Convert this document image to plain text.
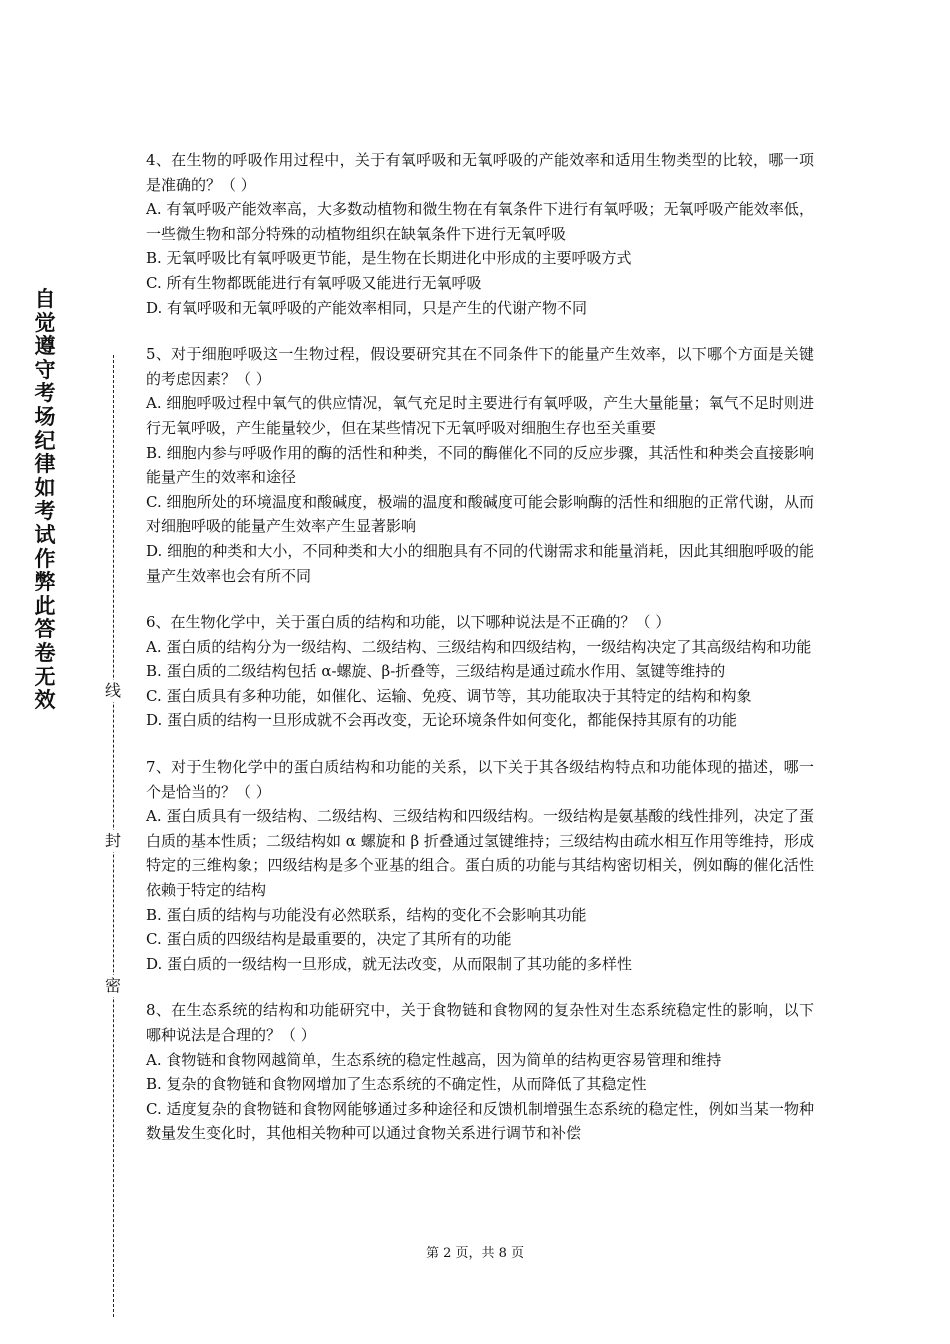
自觉遵守考场纪律如考试作弊此答卷无效	线
封
密

4、在生物的呼吸作用过程中，关于有氧呼吸和无氧呼吸的产能效率和适用生物类型的比较，哪一项是准确的？（ ）

A. 有氧呼吸产能效率高，大多数动植物和微生物在有氧条件下进行有氧呼吸；无氧呼吸产能效率低，一些微生物和部分特殊的动植物组织在缺氧条件下进行无氧呼吸

B. 无氧呼吸比有氧呼吸更节能，是生物在长期进化中形成的主要呼吸方式

C. 所有生物都既能进行有氧呼吸又能进行无氧呼吸

D. 有氧呼吸和无氧呼吸的产能效率相同，只是产生的代谢产物不同

5、对于细胞呼吸这一生物过程，假设要研究其在不同条件下的能量产生效率，以下哪个方面是关键的考虑因素？（ ）

A. 细胞呼吸过程中氧气的供应情况，氧气充足时主要进行有氧呼吸，产生大量能量；氧气不足时则进行无氧呼吸，产生能量较少，但在某些情况下无氧呼吸对细胞生存也至关重要

B. 细胞内参与呼吸作用的酶的活性和种类，不同的酶催化不同的反应步骤，其活性和种类会直接影响能量产生的效率和途径

C. 细胞所处的环境温度和酸碱度，极端的温度和酸碱度可能会影响酶的活性和细胞的正常代谢，从而对细胞呼吸的能量产生效率产生显著影响

D. 细胞的种类和大小，不同种类和大小的细胞具有不同的代谢需求和能量消耗，因此其细胞呼吸的能量产生效率也会有所不同

6、在生物化学中，关于蛋白质的结构和功能，以下哪种说法是不正确的？（ ）

A. 蛋白质的结构分为一级结构、二级结构、三级结构和四级结构，一级结构决定了其高级结构和功能

B. 蛋白质的二级结构包括 α-螺旋、β-折叠等，三级结构是通过疏水作用、氢键等维持的

C. 蛋白质具有多种功能，如催化、运输、免疫、调节等，其功能取决于其特定的结构和构象

D. 蛋白质的结构一旦形成就不会再改变，无论环境条件如何变化，都能保持其原有的功能

7、对于生物化学中的蛋白质结构和功能的关系，以下关于其各级结构特点和功能体现的描述，哪一个是恰当的？（ ）

A. 蛋白质具有一级结构、二级结构、三级结构和四级结构。一级结构是氨基酸的线性排列，决定了蛋白质的基本性质；二级结构如 α 螺旋和 β 折叠通过氢键维持；三级结构由疏水相互作用等维持，形成特定的三维构象；四级结构是多个亚基的组合。蛋白质的功能与其结构密切相关，例如酶的催化活性依赖于特定的结构

B. 蛋白质的结构与功能没有必然联系，结构的变化不会影响其功能

C. 蛋白质的四级结构是最重要的，决定了其所有的功能

D. 蛋白质的一级结构一旦形成，就无法改变，从而限制了其功能的多样性

8、在生态系统的结构和功能研究中，关于食物链和食物网的复杂性对生态系统稳定性的影响，以下哪种说法是合理的？（ ）

A. 食物链和食物网越简单，生态系统的稳定性越高，因为简单的结构更容易管理和维持

B. 复杂的食物链和食物网增加了生态系统的不确定性，从而降低了其稳定性

C. 适度复杂的食物链和食物网能够通过多种途径和反馈机制增强生态系统的稳定性，例如当某一物种数量发生变化时，其他相关物种可以通过食物关系进行调节和补偿

第 2 页，共 8 页
